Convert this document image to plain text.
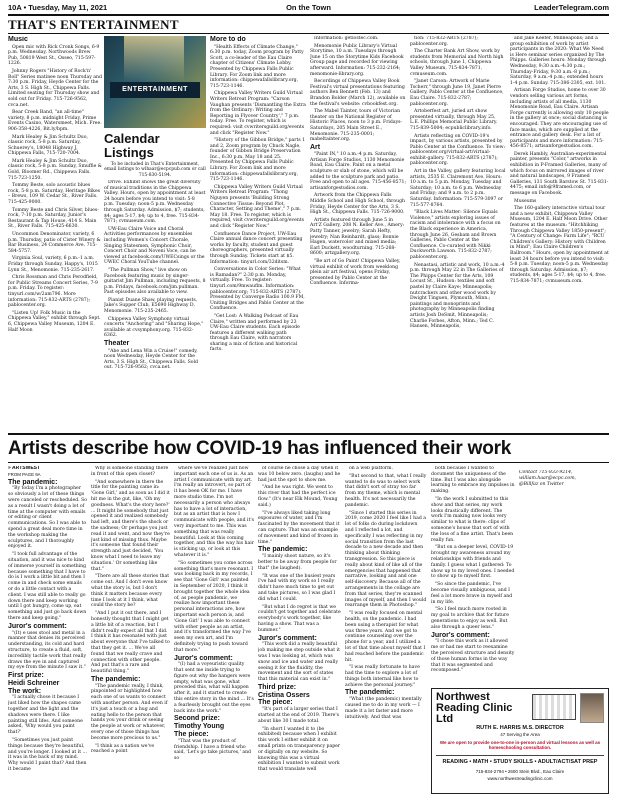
10A • Tuesday, May 11, 2021	On the Town	LeaderTelegram.com
THAT'S ENTERTAINMENT
Music

Open mic with Rick Cronk Songs, 6-9 p.m. Wednesday, Northwoods Brew Pub, 50819 West St., Osseo, 715-597-1226.

Johnny Rogers "History of Rock'n' Roll" Series matinee noon Thursday and 7:30 p.m. Friday, Heyde Center for the Arts, 3 S. High St., Chippewa Falls. Limited seating for Thursday show and sold out for Friday. 715-726-9562, cvca.net.

Bear Creek Band, "an all-time" variety, 8 p.m. midnight Friday, Prime Events Casino, Watersmeet, Mich. Free. 906-358-4226, Bit.ly/bpm.

Mark Healey & Jim Schultz Duo, classic rock, 5-8 p.m. Saturday, Schuerey's, 18048 Highway J, Chippewa Falls, 715-720-7004.

Mark Healey & Jim Schultz Duo, classic rock, 5-8 p.m. Sunday, Smuffie & Gold, Bloomer Rd., Chippewa Falls. 715-723-1250.

Tommy Beste, solo acoustic blues rock, 5-8 p.m. Saturday, Heritage Bikes – Brews, 109 W. Cedar St., River Falls. 715-425-9000.

Tommy Beste and Chris Silver, blues-rock, 7-10 p.m. Saturday, Junior's Restaurant & Tap House, 414 S. Main St., River Falls. 715-425-6630.

Uncommon Denominator, variety, 6 p.m. Thursday, patio of Cister Winery & Bar Business, 24 Commerce Ave. 715-584-5757.

Virginia Soul, variety, 6 p.m.-1 a.m. Friday through Sunday, Happy's, 1015 Lynn St., Menomonie. 715-235-2617.

Chris Rossman and Chris Perodfield, for Public Streams Concert Series, 7-9 p.m. Friday. To register: tinyurl.com/w/2am796. More information: 715-832-ARTS (2787); pablocenter.org.

"Listen Up! Folk Music in the Chippewa Valley," exhibit through Sept. 6, Chippewa Valley Museum, 1204 E. Half Moon

ENTERTAINMENT
Calendar
Listings
To be included in That's Entertainment, email listings to wlhaar@ecpcpub.com or call 715-830-5194.

Drive. Exhibit shows the great diversity of musical traditions in the Chippewa Valley. Hours, open by appointment at least 24 hours before you intend to visit: 5-8 p.m. Tuesday; noon-5 p.m. Wednesday through Saturday. Admission, $7; students, $4; ages 5-17, $4; up to 4, free. 715-834-7871; cvmuseum.com.

UW-Eau Claire Voice and Choral Activities performances by ensembles including Women's Concert Chorale, Singing Statesmen, Symphonic Choir, Concert Choir and Noveni Voce, can be viewed at facebook.com/UWECsings or the UWEC Choral YouTube channel.

"The Pullman Show," live show on Facebook featuring music by singer-guitarist Jim Pullman, including requests, 8 p.m. Fridays, facebook.com/jim.pullman. Past episodes also available to view.

Pianist Duane Shaw, playing requests, Jake's Supper Club, E5690 Highway D, Menomonie. 715-235-2465.

Chippewa Valley Symphony virtual concerts "Anchoring" and "Sharing Hope," available at cvsymphony.org. 715-832-6362.

Theater

"Abe and Lena Win a Cruise!" comedy, noon Wednesday, Heyde Center for the Arts, 3 S. High St., Chippewa Falls. Sold out. 715-726-9562; cvca.net.

More to do

"Health Effects of Climate Change," 6:30 p.m. today, Zoom program by Patty Scott, a co-leader of the Eau Claire chapter of Citizens' Climate Lobby. Presented by Chippewa Falls Public Library. For Zoom link and more information: chippewafallslibrary.org, 715-723-1146.

Chippewa Valley Writers Guild Virtual Writers Retreat Program: "Carson Vaughan presents 'Dismantling the Extra from the Ordinary: Writing and Reporting in Flyover Country'," 7 p.m. today. Free. To register, which is required: visit cvwritersguild.org/events and click "Register Now."

"History of the Gibbon Bridge," parts 1 and 2, Zoom program by Chuck Nagle, founder of Gibbon Bridge Preservation Inc., 6:30 p.m. May 18 and 25. Presented by Chippewa Falls Public Library. For Zoom link and more information: chippewafallslibrary.org, 715-723-1146.

Chippewa Valley Writers Guild Virtual Writers Retreat Program: "Thong Nguyen presents 'Building Strong Connective Tissue: Beyond Plot, Character, Setting and Theme'," 7 p.m. May 18. Free. To register, which is required, visit cvwritersguild.org/events and click "Register Now."

Confluence Dance Project, UW-Eau Claire annual dance concert presenting works by faculty, student and guest choreographers, presented virtually through Sunday. Tickets start at $5. Information: tinyurl.com/32ditsm.

Conversations in Color Series: "What is Ramadan?" 2:30 p.m. Monday, virtually. Free. To register: tinyurl.com/9mwauflm. Information: pablocenter.org; 715-832-ARTS (2787). Presented by Converge Radio 100.9 FM, Uniting Bridges and Pablo Center at the Confluence.

"Get Lost: A Walking Podcast of Eau Claire," written and performed by 23 UW-Eau Claire students. Each episode features a different walking path through Eau Claire, with narrators sharing a mix of fiction and historical facts.

Information: getlostec.com.

Menomonie Public Library's Virtual Storytime, 10 a.m. Tuesdays through June 15 on the Storytime Kids Facebook Group page and recorded for viewing afterward. Information: 715-232-2164; menomonie-library.org.

Recordings of Chippewa Valley Book Festival's virtual presentations featuring authors Ben Bennett (Feb. 13) and Brandon Bolder (March 12), available on the festival's website: cvbookfest.org.

The Mabel Tainter, tours of Victorian theater on the National Register of Historic Places, noon to 3 p.m. Fridays-Saturdays, 205 Main Street E., Menomonie. 715-235-0001; mabeltainter.org.

Art

"Paint IN," 10 a.m.-4 p.m. Saturday, Artisan Forge Studios, 1130 Menomonie Road, Eau Claire. Paint on a metal sculpture or slab of stone, which will be added to the sculpture park and patio. Free and open to all ages. 715-456-8571; artisanforgestudios.com.

Artwork from the Chippewa Falls Middle School and High School, through Friday, Heyde Center for the Arts, 3 S. High St., Chippewa Falls. 715-726-9000.

Artists featured through June 5 in Art'Z Gallery, 208 N. Keller Ave., Amery: Patty Tanner, jewelry; Sarah Hefty, jewelry; Nan Reinhardt, glass; Bonnie Hagen, watercolor and mixed media; Earl Duckett, woodturning. 715-268-8600; artzgallery.org.

"Be art of Go Paint! Chippewa Valley, virtual exhibit of work from weeklong plein air art festival, opens Friday, presented by Pablo Center at the Confluence. Informa-

tion: 715-832-ARTS (2787); pablocenter.org.

The Charter Bank Art Show, work by students from Memorial and North high schools, through June 1, Chippewa Valley Museum, 715-834-7871, cvmuseum.com.

"Janet Carson: Artwork of Marie Tscherr," through June 19, Janet Pierre Gallery, Pablo Center at the Confluence, Eau Claire. 715-832-2787; pablocenter.org.

Artoberfest art, juried art show presented virtually, through May 25, L.E. Phillips Memorial Public Library. 715-839-5004; ecpubliclibrary.info.

Artists reflecting on COVID-19's impact, by various artists, presented by Pablo Center at the Confluence. To view: pablocenter.org/virtual-art/virtual-exhibit-gallery. 715-832-ARTS (2787); pablocenter.org.

Art in the Valley, gallery featuring local artists, 2535 E. Clairemont Ave. Hours: 10 a.m. to 5 p.m. Monday, Tuesday and Saturday; 10 a.m. to 6 p.m. Wednesday and Friday; and 9 a.m. to 2 p.m. Saturday. Information: 715-579-3097 or 715-577-8764.

"Black Lives Matter: Silence Equals Violence," artists exploring issues of racism and intolerance with a focus on the Black experience in America, through June 26, Gesbam and Brown Galleries, Pablo Center at the Confluence. Co-curated with Nikki Duckworth Lawson. 715-832-2787; pablocenter.org.

Nenastasi, artistic and work, 10 a.m.-4 p.m. through May 22 in The Galleries of The Phipps Center for the Arts, 109 Locust St., Hudson: textiles and soft pastel by Claire Kaye; Minneapolis; nutcrackers and other wood work by Dwight Tinguen, Plymouth, Minn.; paintings and monoprints and photography by Minneapolis finding artists Josh DeSmit, Minneapolis; Charlie Forbes, Afton, Minn.; Ted C. Hansen, Minneapolis,

and Jake Keefer, Minneapolis; and a group exhibition of work by artist participants in the 2020: What We Need is Here seminar series organized by The Phipps. Galleries hours: Monday through Wednesday, 9:30 a.m.-4:30 p.m.; Thursday-Friday, 9:30 a.m.-8 p.m.; Saturday, 9 a.m.-4 p.m.; extended hours 1-4 p.m. Sunday. 715-386-2305, ext. 101.

Artisan Forge Studios, home to over 30 vendors selling various art forms, including artists of all media, 1130 Menomonie Road, Eau Claire. Artisan Forge currently is allowing only 10 people in the gallery at once; social distancing is encouraged. They are encouraging use of face masks, which are supplied at the entrance and gallery desk. For a list of participants and more information: 715-456-8571; artisanforgestudios.com.

Derek Hambly, Australian-experimental painter, presents "Color," artworks in exhibition in P-Framed Galleries, many of which focus on mirrored images of river and natural landscapes, 9 Framed Galleries, 131 South Barstow St. 715-831-4475; email info@9framed.com, or message on Facebook.

Museums

The 160-gallery interactive virtual tour and a new exhibit, Chippewa Valley Museum, 1204 E. Half Moon Drive. Other features at the museum: "Hitchhiking Through Chippewa Valley 1850-present"; "A Century of Change: Farm Life"; "RCU Children's Gallery: History with Children in Mind"; Eau Claire Children's Ballroom." Hours, open by appointment at least 24 hours before you intend to visit: 5-8 p.m. Tuesday; noon-5 p.m. Wednesday through Saturday. Admission, $7; students, $4; ages 5-17, $4; up to 4, free. 715-834-7871; cvmuseum.com.

Artists describe how COVID-19 has influenced their work
» ARTSWEST
FROM PAGE 9A
The pandemic:

"By today I'm a photographer so obviously a lot of these things were canceled or rescheduled. So as a result I wasn't doing a lot of time at the computer with emails or editing or client communications. So I was able to spend a great deal more time in the workshop making the sculptures, and I thoroughly enjoyed it.

"I took full advantage of the situation, and it was nice to kind of immerse yourself in something because something that I have to do is I work a little bit and then I come in and check some emails or do a little contact with a client. I was still able to really go down there and keep working until I got hungry, come up, eat something and just go back down there and keep going."

Juror's comment:

"(It) e uses stool and metal in a manner that denies its perceived understanding, its cold and hard structure, to create a fluid, soft, incredibly tactile work that really draws the eye in and captured my eye from the minute I saw it."

First prize:
Heidi Schreiner
The work:

"I actually chose it because I just liked how the shapes came together and the light and the shadows were there. I like painting still lifes. And someone asked, 'Why would you paint that?'

"Sometimes you just paint things because they're beautiful, and you're longer. I looked at it ... it was in the back of my mind. Why would I paint that? And then it became

Why is someone standing there in front of this open closet?

"And somewhere in there the title for the painting came in: 'Gone Girl,' and as soon as I did it hit me in the gut, like, 'Oh my goodness. What's the story here?' ... It might be somebody that just opened it and realized somebody had left, and there's the shock or the sadness; Or perhaps you just read it and went, and now they're just kind of missing thus. Maybe it's someone that found their strength and just decided, 'You know what I need to leave my situation.' Or something like that."

"There are all these stories that come out. And I don't even know what the story is, but I don't think it matters because every time I look at it I think, what could the story be?

"And I put it out there, and I honestly thought that I might get a little bit of a reaction, but I didn't really expect all that I did. I think it has resonated with just about everyone that I've talked to that they get it. ... We've all found that we really crave and connection with other people. And put that's a rare and beautiful thing."

The pandemic:

"The pandemic really, I think, pinpointed or highlighted how each one of us wants to connect with another person. And even if it's just a touch or a hug and eating hello to the person that hands you your drink or seeing the people at work or whatever, every one of those things has become more precious to us."

"I think as a nation we've reached a point

where we've realized just how important each one of us is. As an artist I communicate with my art. I'm really an introvert, so part of it has been OK for me. I have more studio time. I'm not necessarily a person who always has to have a lot of interaction, but as an artist that is how I communicate with people, and it's very important to me. This was something that was really beautiful. Look at this coming together, and this the way his hair is sticking up, or look at this whatever it is."

"So sometimes you come across something that's more resonant. I was looking back in my records, I see that 'Gone Girl' was painted in September of 2020, I think it brought together the whole idea of, as people pandemic, we realize how important these personal interactions are, how important each person is, and 'Gone Girl' I was able to connect with other people as an artist, and it's transformed the way I've seen my own art, and I'm definitely trying to push toward that more."

Juror's comment:

"(I) had a voyeuristic quality that sent me inside trying to figure out why the hangers were empty, what was gone, what preceded this, what will happen after it, and it started to create this entire story in the mind ... It's a fearlessly brought out the eyes back into the work."

Second prize:
Timothy Young
The piece:

"That was the product of friendship. I have a friend who said, 'Let's go take pictures,' and so

of course he chose a day when it was 10 below zero. (laughs) and he had just the spot to show me.

"And he was right. We went to this river that had the perfect ice flow." (It's near Elk Mound, Young said.)

"I've always liked taking long exposures of water, and I'm fascinated by the movement that it can capture. That was an example of movement and kind of frozen in time."

The pandemic:

"I mainly shoot nature, so it's better to be away from people for that" (he laughed).

"It was one of the busiest years I've had with my work so I really didn't have much time to get out and take pictures, so I was glad I did what I could.

"But what I do regret is that we couldn't get together and celebrate everybody's work together, like having a show. That was a bummer."

Juror's comment:

"This work did a really beautiful job making me step outside what it was I was looking at, which was snow and ice and water and really seeing it for the fluidity, the movement and the sort of states that this material can exist in."

Third prize:
Cristina Ossers
The piece:

"It's part of a larger series that I started at the end of 2019. There's about like 30 I made total.

"In short I wanted it to (be exhibited) because when I exhibit this work I either exhibit it on small prints on transparency paper or digitally on my website. So knowing this was a virtual exhibition I wanted to submit work that would translate well

on a web platform.

"But second to that, what I really wanted to do was to select work that didn't sort of stray too far from my theme, which is mental health. It's not necessarily the pandemic.

"Since I started this series in 2019, come 2020 I feel like I had a lot of folks do during lockdown and I reflected a lot, and specifically I was reflecting in my social transition from the last decade to a new decade and then thinking about thinking transgression. So this piece is really about kind of like all of the emergencies that happened that narrative, looking and and one self-discovery. Because all of the arrangements in the collage are from that series, they're scanned images of myself, and then I would rearrange them in Photoshop."

"I was really focused on mental health, on the pandemic. I had been using a therapist for what was three years. And we got to continue counseling over the phone for a year, and I utilized a lot of that time about myself that I had reached before the pandemic hit.

"I was really fortunate to have had the time to explore a lot of things both internal like how to achieve the personal journey."

The pandemic:

"What (the pandemic) mentally caused me to do in my work — I made it a lot faster and more intuitively. And that was

both because I wanted to document the uniqueness of the time. But I was also alongside learning to embrace my impulses in making.

"In the work I submitted to this show and that series, my work looks drastically different. The work I'm making now looks very similar to what is there: clips of someone's house that sort of with the loss of a fine artist. That's been really fun.

"But on a deeper level, COVID-19 brought my awareness around my relationships with friends and family. I guess what I gathered: To show up to my loved ones. I needed to show up to myself first.

"So since the pandemic, I've become visually ambiguous, and I feel a lot more brave in myself and in my life.

"So I feel much more rooted in my goal to archive that for future generations to enjoy as well. But also through a queer lens."

Juror's comment:

"I chose this work as it allowed me or had me start to reexamine the perceived structure and density of those human forms in the way that it was segmented and recomposed."

Contact 715-833-9214,
william.haar@ecpc.com,
@Billfaz on Twitter
Northwest
Reading Clinic Ltd
RUTH E. HARRIS M.S. DIRECTOR
47 Serving the Area
We are open to provide one-to-one in-person and virtual lessons as well as homeschooling consultation.
READING • MATH • STUDY SKILLS • ADULT/ACT/SAT PREP
715-834-2794 • 2600 Stein Blvd., Eau Claire
www.northwestreadingclinic.com
